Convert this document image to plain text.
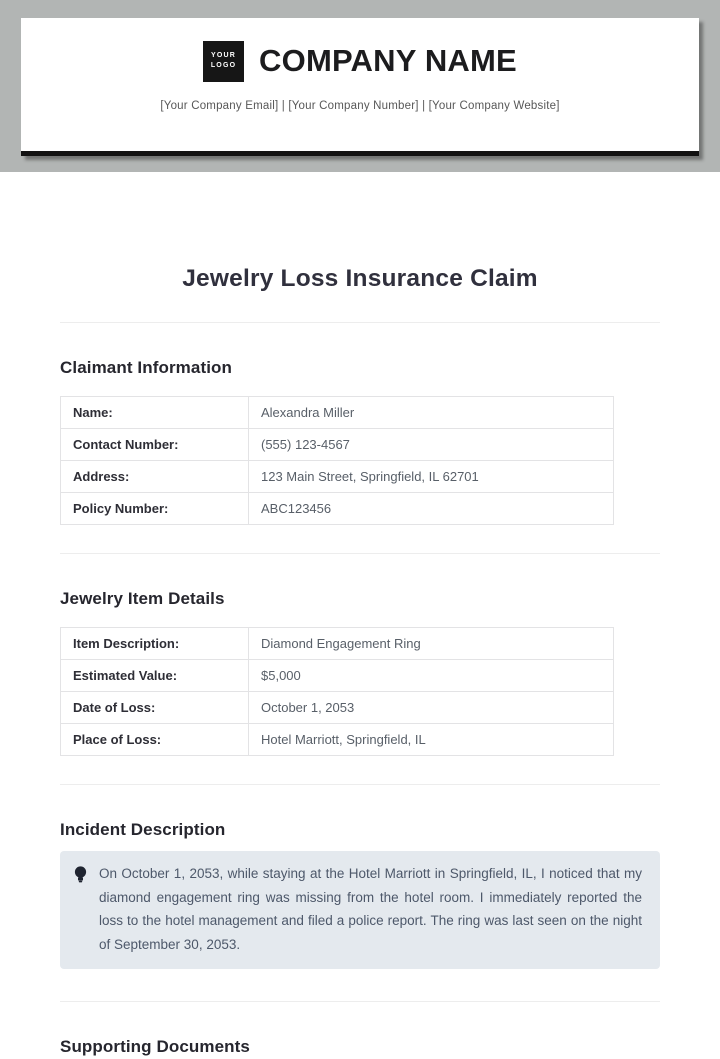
YOUR
LOGO COMPANY NAME
[Your Company Email] | [Your Company Number] | [Your Company Website]
Jewelry Loss Insurance Claim
Claimant Information
Name:	Alexandra Miller
Contact Number:	(555) 123-4567
Address:	123 Main Street, Springfield, IL 62701
Policy Number:	ABC123456
Jewelry Item Details
Item Description:	Diamond Engagement Ring
Estimated Value:	$5,000
Date of Loss:	October 1, 2053
Place of Loss:	Hotel Marriott, Springfield, IL
Incident Description
On October 1, 2053, while staying at the Hotel Marriott in Springfield, IL, I noticed that my diamond engagement ring was missing from the hotel room. I immediately reported the loss to the hotel management and filed a police report. The ring was last seen on the night of September 30, 2053.
Supporting Documents
